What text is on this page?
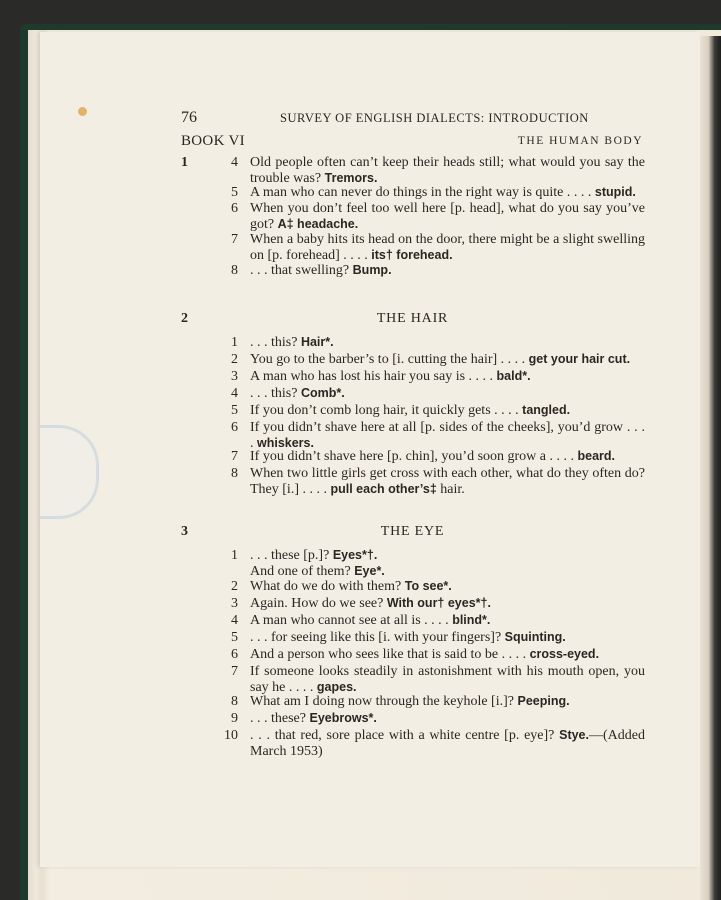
76	SURVEY OF ENGLISH DIALECTS: INTRODUCTION
BOOK VI	THE HUMAN BODY
1	4 Old people often can’t keep their heads still; what would you say the trouble was? Tremors.
5 A man who can never do things in the right way is quite . . . . stupid.
6 When you don’t feel too well here [p. head], what do you say you’ve got? A‡ headache.
7 When a baby hits its head on the door, there might be a slight swelling on [p. forehead] . . . . its† forehead.
8 . . . that swelling? Bump.
2	THE HAIR
1 . . . this? Hair*.
2 You go to the barber’s to [i. cutting the hair] . . . . get your hair cut.
3 A man who has lost his hair you say is . . . . bald*.
4 . . . this? Comb*.
5 If you don’t comb long hair, it quickly gets . . . . tangled.
6 If you didn’t shave here at all [p. sides of the cheeks], you’d grow . . . . whiskers.
7 If you didn’t shave here [p. chin], you’d soon grow a . . . . beard.
8 When two little girls get cross with each other, what do they often do? They [i.] . . . . pull each other’s‡ hair.
3	THE EYE
1 . . . these [p.]? Eyes*†.
And one of them? Eye*.
2 What do we do with them? To see*.
3 Again. How do we see? With our† eyes*†.
4 A man who cannot see at all is . . . . blind*.
5 . . . for seeing like this [i. with your fingers]? Squinting.
6 And a person who sees like that is said to be . . . . cross-eyed.
7 If someone looks steadily in astonishment with his mouth open, you say he . . . . gapes.
8 What am I doing now through the keyhole [i.]? Peeping.
9 . . . these? Eyebrows*.
10 . . . that red, sore place with a white centre [p. eye]? Stye.—(Added March 1953)
